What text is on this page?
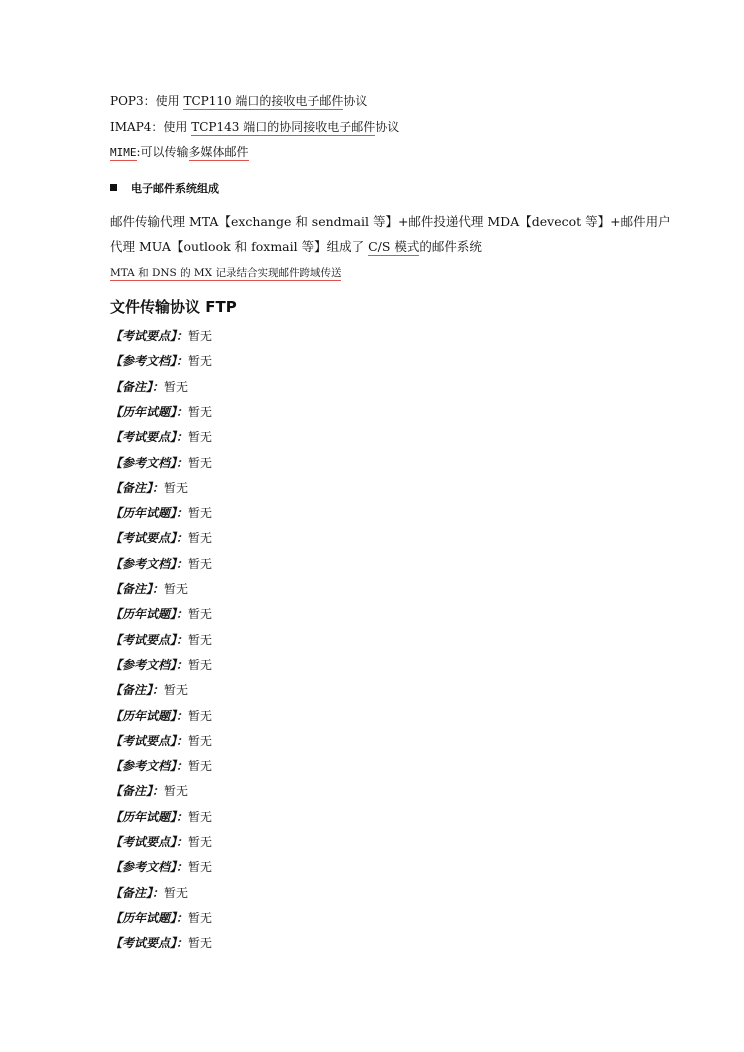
POP3：使用 TCP110 端口的接收电子邮件协议
IMAP4：使用 TCP143 端口的协同接收电子邮件协议
MIME:可以传输多媒体邮件
电子邮件系统组成
邮件传输代理 MTA【exchange 和 sendmail 等】+邮件投递代理 MDA【devecot 等】+邮件用户
代理 MUA【outlook 和 foxmail 等】组成了 C/S 模式的邮件系统
MTA 和 DNS 的 MX 记录结合实现邮件跨域传送
文件传输协议 FTP
【考试要点】：暂无
【参考文档】：暂无
【备注】：暂无
【历年试题】：暂无
【考试要点】：暂无
【参考文档】：暂无
【备注】：暂无
【历年试题】：暂无
【考试要点】：暂无
【参考文档】：暂无
【备注】：暂无
【历年试题】：暂无
【考试要点】：暂无
【参考文档】：暂无
【备注】：暂无
【历年试题】：暂无
【考试要点】：暂无
【参考文档】：暂无
【备注】：暂无
【历年试题】：暂无
【考试要点】：暂无
【参考文档】：暂无
【备注】：暂无
【历年试题】：暂无
【考试要点】：暂无
